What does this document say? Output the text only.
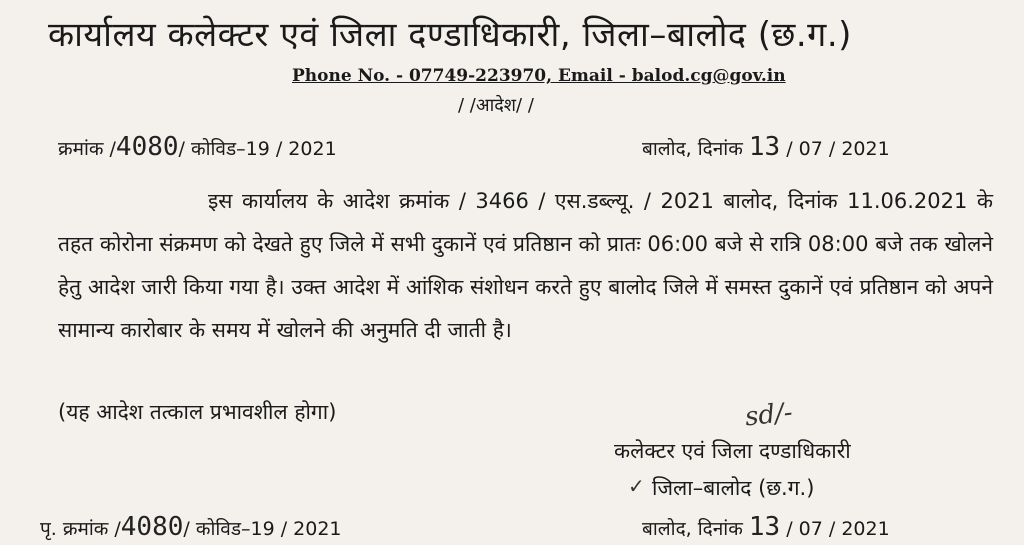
कार्यालय कलेक्टर एवं जिला दण्डाधिकारी, जिला–बालोद (छ.ग.)
Phone No. - 07749-223970, Email - balod.cg@gov.in
/ /आदेश/ /
क्रमांक /4080/ कोविड–19 / 2021	बालोद, दिनांक 13 / 07 / 2021
इस कार्यालय के आदेश क्रमांक / 3466 / एस.डब्ल्यू. / 2021 बालोद, दिनांक 11.06.2021 के तहत कोरोना संक्रमण को देखते हुए जिले में सभी दुकानें एवं प्रतिष्ठान को प्रातः 06:00 बजे से रात्रि 08:00 बजे तक खोलने हेतु आदेश जारी किया गया है। उक्त आदेश में आंशिक संशोधन करते हुए बालोद जिले में समस्त दुकानें एवं प्रतिष्ठान को अपने सामान्य कारोबार के समय में खोलने की अनुमति दी जाती है।
(यह आदेश तत्काल प्रभावशील होगा)	sd/-
कलेक्टर एवं जिला दण्डाधिकारी
✓ जिला–बालोद (छ.ग.)
पृ. क्रमांक /4080/ कोविड–19 / 2021	बालोद, दिनांक 13 / 07 / 2021
